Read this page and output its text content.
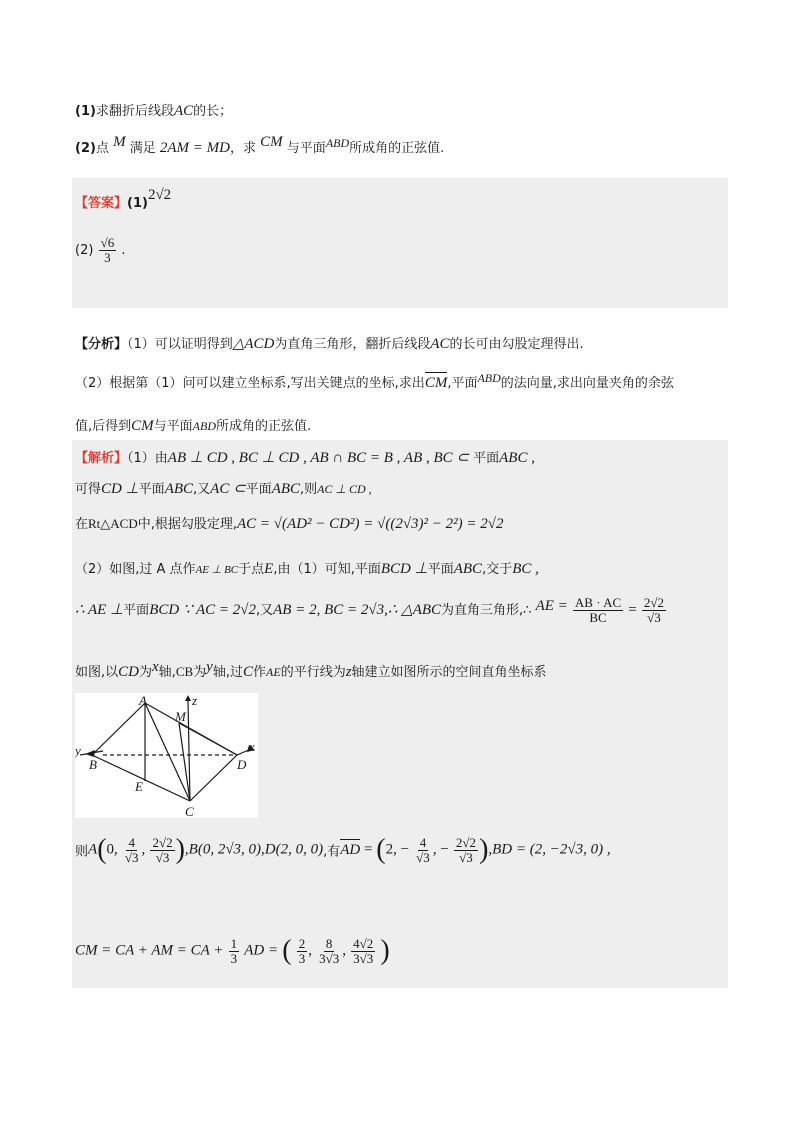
(1)求翻折后线段AC的长；
(2)点 M 满足 2AM = MD，求 CM 与平面ABD所成角的正弦值.
【答案】(1)2√2
$(2) \frac{√6}{3}$ .
【分析】（1）可以证明得到△ACD为直角三角形，翻折后线段AC的长可由勾股定理得出.
（2）根据第（1）问可以建立坐标系,写出关键点的坐标,求出CM,平面ABD的法向量,求出向量夹角的余弦
值,后得到CM与平面ABD所成角的正弦值.
【解析】（1）由AB ⊥ CD , BC ⊥ CD , AB ∩ BC = B , AB , BC ⊂ 平面ABC ,
可得CD ⊥平面ABC,又AC ⊂平面ABC,则AC ⊥ CD ,
在Rt△ACD中,根据勾股定理,AC = √(AD² − CD²) = √((2√3)² − 2²) = 2√2
（2）如图,过 A 点作AE ⊥ BC于点E,由（1）可知,平面BCD ⊥平面ABC,交于BC ,
∴ AE ⊥平面BCD ∵ AC = 2√2,又AB = 2, BC = 2√3,∴ △ABC为直角三角形,∴ AE = $\frac{AB \cdot AC}{BC} = \frac{2√2}{√3}$
如图,以CD为x轴,CB为y轴,过C作AE的平行线为z轴建立如图所示的空间直角坐标系
A
B
C
D
E
M
x
y
z
则A(0, $\frac{4}{√3}$ , $\frac{2√2}{√3} ),B(0$, 2√3, 0),D(2, 0, 0),有AD = (2, − $\frac{4}{√3}$ , − $\frac{2√2}{√3} ),BD = (2$, −2√3, 0) ,
CM = CA + AM = CA + $\frac{1}{3}$ AD = ( $\frac{2}{3}$ , $\frac{8}{3√3}$ , $\frac{4√2}{3√3}$ )
